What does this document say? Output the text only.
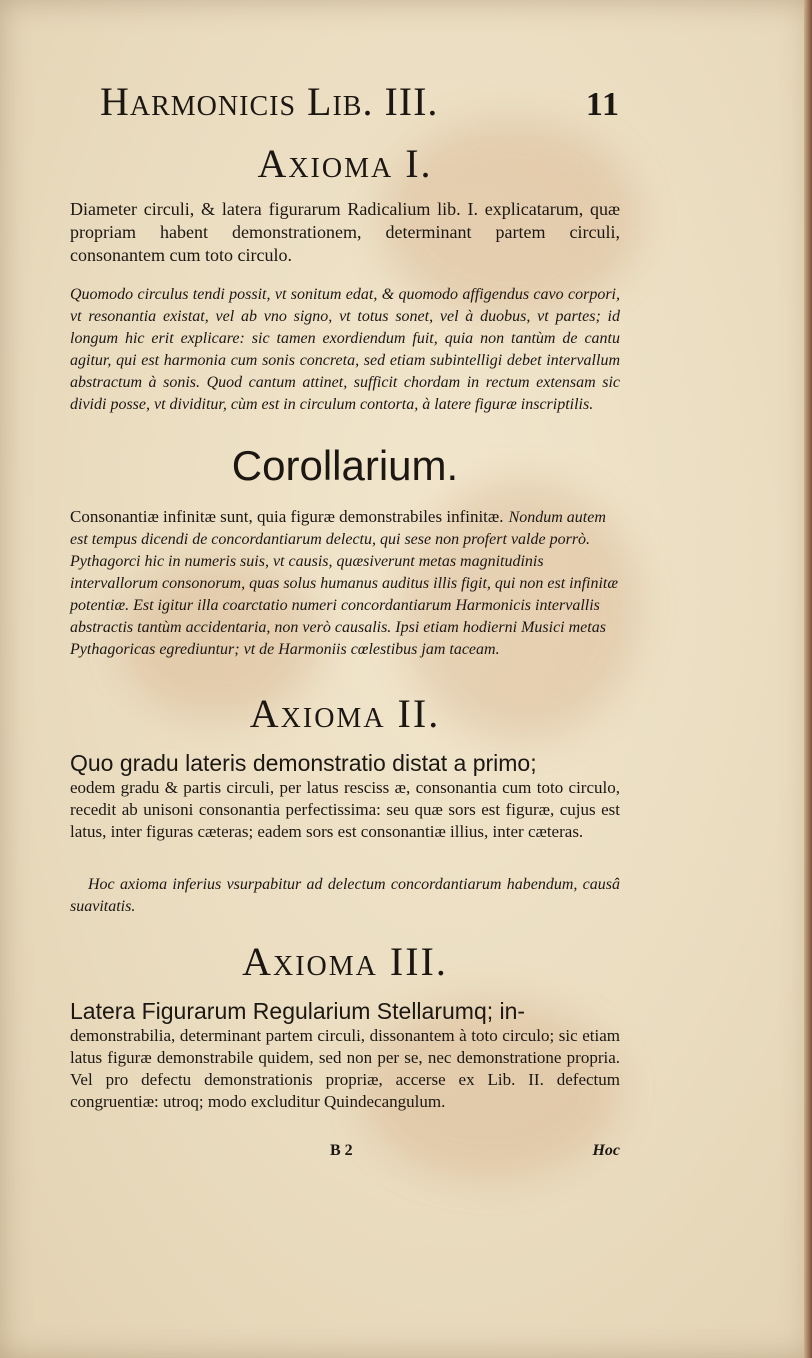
Harmonicis Lib. III.	11
Axioma I.
Diameter circuli, & latera figurarum Radicalium lib. I. explicatarum, quæ propriam habent demonstrationem, determinant partem circuli, consonantem cum toto circulo.
Quomodo circulus tendi possit, vt sonitum edat, & quomodo affigendus cavo corpori, vt resonantia existat, vel ab vno signo, vt totus sonet, vel à duobus, vt partes; id longum hic erit explicare: sic tamen exordiendum fuit, quia non tantùm de cantu agitur, qui est harmonia cum sonis concreta, sed etiam subintelligi debet intervallum abstractum à sonis. Quod cantum attinet, sufficit chordam in rectum extensam sic dividi posse, vt dividitur, cùm est in circulum contorta, à latere figuræ inscriptilis.
Corollarium.
Consonantiæ infinitæ sunt, quia figuræ demonstrabiles infinitæ. Nondum autem est tempus dicendi de concordantiarum delectu, qui sese non profert valde porrò. Pythagorci hic in numeris suis, vt causis, quæsiverunt metas magnitudinis intervallorum consonorum, quas solus humanus auditus illis figit, qui non est infinitæ potentiæ. Est igitur illa coarctatio numeri concordantiarum Harmonicis intervallis abstractis tantùm accidentaria, non verò causalis. Ipsi etiam hodierni Musici metas Pythagoricas egrediuntur; vt de Harmoniis cœlestibus jam taceam.
Axioma II.
Quo gradu lateris demonstratio distat a primo;
eodem gradu & partis circuli, per latus resciss æ, consonantia cum toto circulo, recedit ab unisoni consonantia perfectissima: seu quæ sors est figuræ, cujus est latus, inter figuras cæteras; eadem sors est consonantiæ illius, inter cæteras.
Hoc axioma inferius vsurpabitur ad delectum concordantiarum habendum, causâ suavitatis.
Axioma III.
Latera Figurarum Regularium Stellarumq; in-
demonstrabilia, determinant partem circuli, dissonantem à toto circulo; sic etiam latus figuræ demonstrabile quidem, sed non per se, nec demonstratione propria. Vel pro defectu demonstrationis propriæ, accerse ex Lib. II. defectum congruentiæ: utroq; modo excluditur Quindecangulum.
B 2	Hoc
